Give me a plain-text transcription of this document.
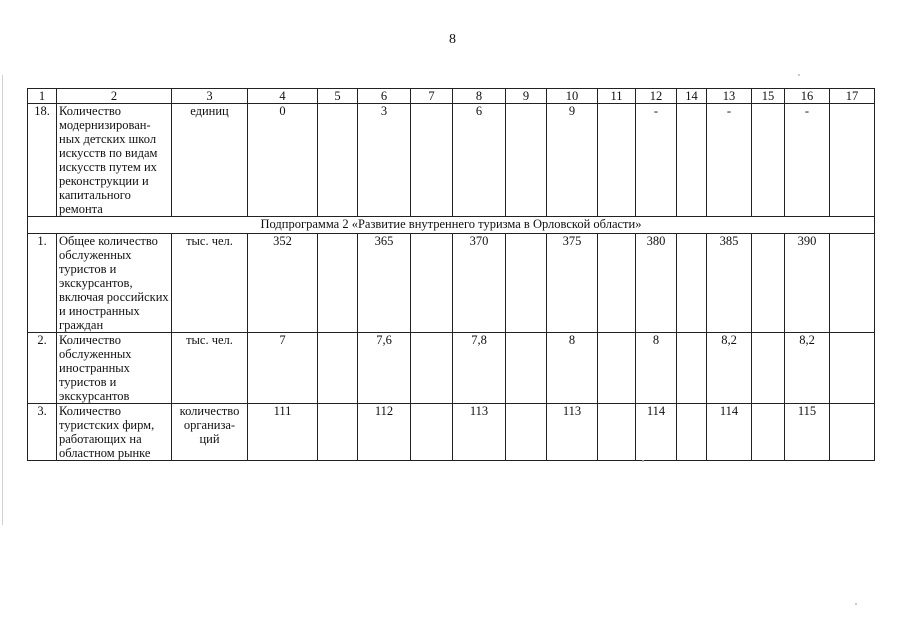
8
1	2	3	4	5	6	7	8	9	10	11	12	14	13	15	16	17
18.	Количество модернизирован-ных детских школ искусств по видам искусств путем их реконструкции и капитального ремонта	единиц	0		3		6		9		-		-		-	
Подпрограмма 2 «Развитие внутреннего туризма в Орловской области»																
1.	Общее количество обслуженных туристов и экскурсантов, включая российских и иностранных граждан	тыс. чел.	352		365		370		375		380		385		390	
2.	Количество обслуженных иностранных туристов и экскурсантов	тыс. чел.	7		7,6		7,8		8		8		8,2		8,2	
3.	Количество туристских фирм, работающих на областном рынке	количество организа-ций	111		112		113		113		114		114		115	
